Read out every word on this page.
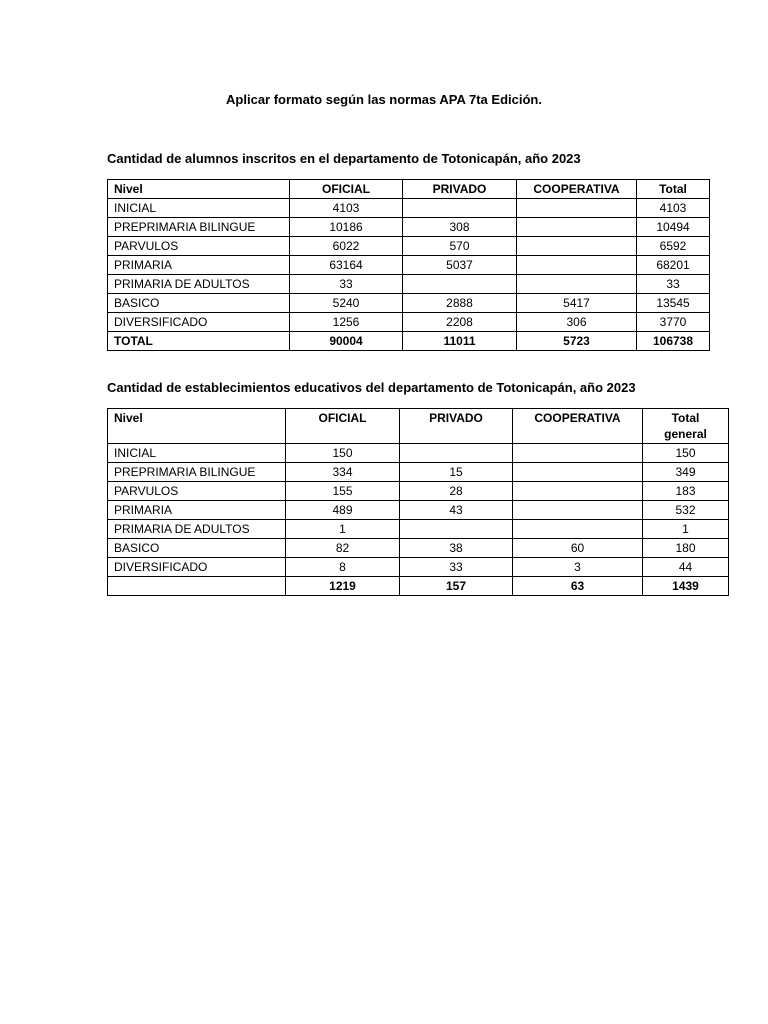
Aplicar formato según las normas APA 7ta Edición.
Cantidad de alumnos inscritos en el departamento de Totonicapán, año 2023
Nivel	OFICIAL	PRIVADO	COOPERATIVA	Total
INICIAL	4103			4103
PREPRIMARIA BILINGUE	10186	308		10494
PARVULOS	6022	570		6592
PRIMARIA	63164	5037		68201
PRIMARIA DE ADULTOS	33			33
BASICO	5240	2888	5417	13545
DIVERSIFICADO	1256	2208	306	3770
TOTAL	90004	11011	5723	106738
Cantidad de establecimientos educativos del departamento de Totonicapán, año 2023
Nivel	OFICIAL	PRIVADO	COOPERATIVA	Total general
INICIAL	150			150
PREPRIMARIA BILINGUE	334	15		349
PARVULOS	155	28		183
PRIMARIA	489	43		532
PRIMARIA DE ADULTOS	1			1
BASICO	82	38	60	180
DIVERSIFICADO	8	33	3	44
	1219	157	63	1439
